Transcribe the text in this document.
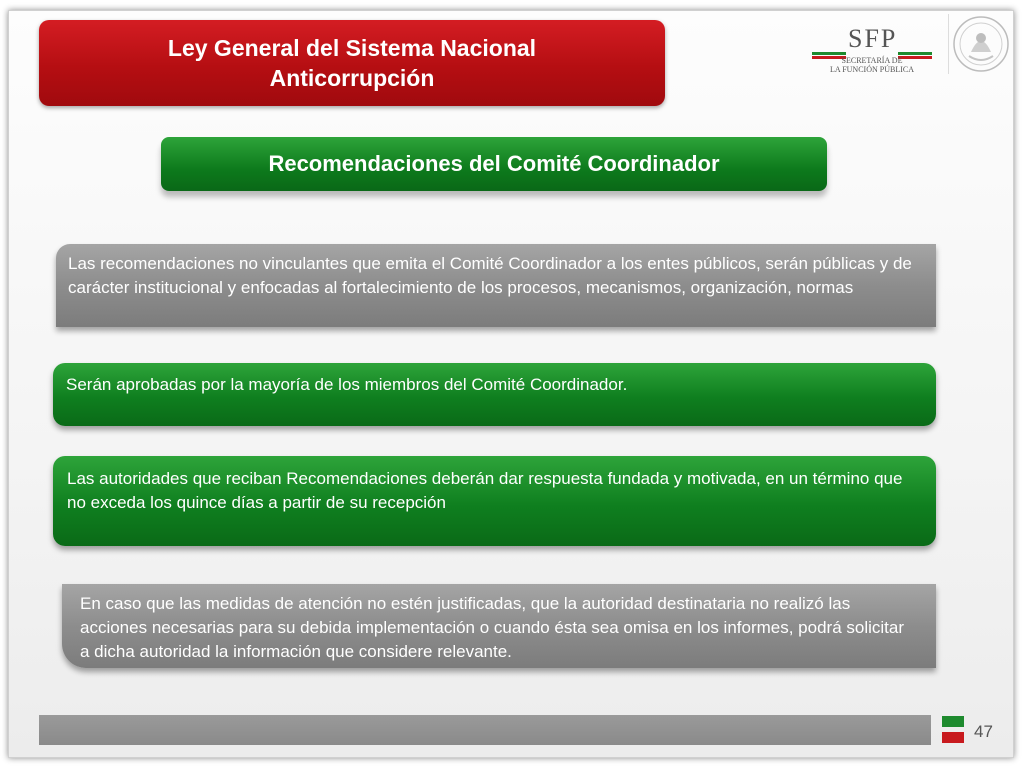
Ley General del Sistema Nacional
Anticorrupción
SFP
SECRETARÍA DE
LA FUNCIÓN PÚBLICA
Recomendaciones del Comité Coordinador
Las recomendaciones no vinculantes que emita el Comité Coordinador a los entes públicos, serán públicas y de carácter institucional y enfocadas al fortalecimiento de los procesos, mecanismos, organización, normas
Serán aprobadas por la mayoría de los miembros del Comité Coordinador.
Las autoridades que reciban Recomendaciones deberán dar respuesta fundada y motivada, en un término que no exceda los quince días a partir de su recepción
En caso que las medidas de atención no estén justificadas, que la autoridad destinataria no realizó las acciones necesarias para su debida implementación o cuando ésta sea omisa en los informes, podrá solicitar a dicha autoridad la información que considere relevante.
47
